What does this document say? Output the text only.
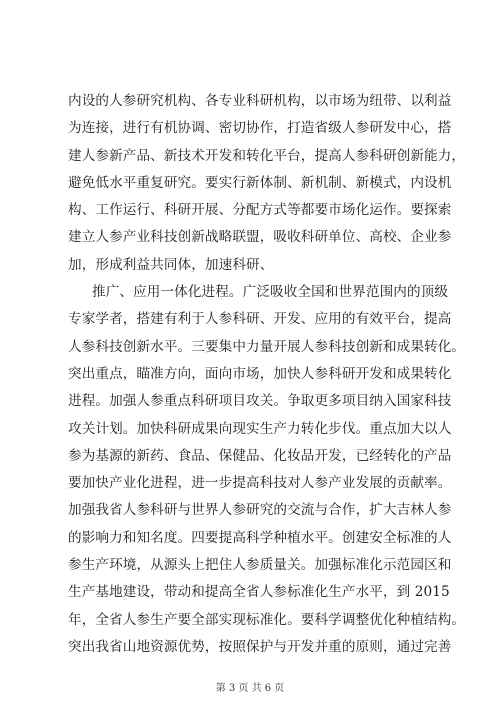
内设的人参研究机构、各专业科研机构，以市场为纽带、以利益
为连接，进行有机协调、密切协作，打造省级人参研发中心，搭
建人参新产品、新技术开发和转化平台，提高人参科研创新能力，
避免低水平重复研究。要实行新体制、新机制、新模式，内设机
构、工作运行、科研开展、分配方式等都要市场化运作。要探索
建立人参产业科技创新战略联盟，吸收科研单位、高校、企业参
加，形成利益共同体，加速科研、
推广、应用一体化进程。广泛吸收全国和世界范围内的顶级
专家学者，搭建有利于人参科研、开发、应用的有效平台，提高
人参科技创新水平。三要集中力量开展人参科技创新和成果转化。
突出重点，瞄准方向，面向市场，加快人参科研开发和成果转化
进程。加强人参重点科研项目攻关。争取更多项目纳入国家科技
攻关计划。加快科研成果向现实生产力转化步伐。重点加大以人
参为基源的新药、食品、保健品、化妆品开发，已经转化的产品
要加快产业化进程，进一步提高科技对人参产业发展的贡献率。
加强我省人参科研与世界人参研究的交流与合作，扩大吉林人参
的影响力和知名度。四要提高科学种植水平。创建安全标准的人
参生产环境，从源头上把住人参质量关。加强标准化示范园区和
生产基地建设，带动和提高全省人参标准化生产水平，到 2015
年，全省人参生产要全部实现标准化。要科学调整优化种植结构。
突出我省山地资源优势，按照保护与开发并重的原则，通过完善
第 3 页 共 6 页
